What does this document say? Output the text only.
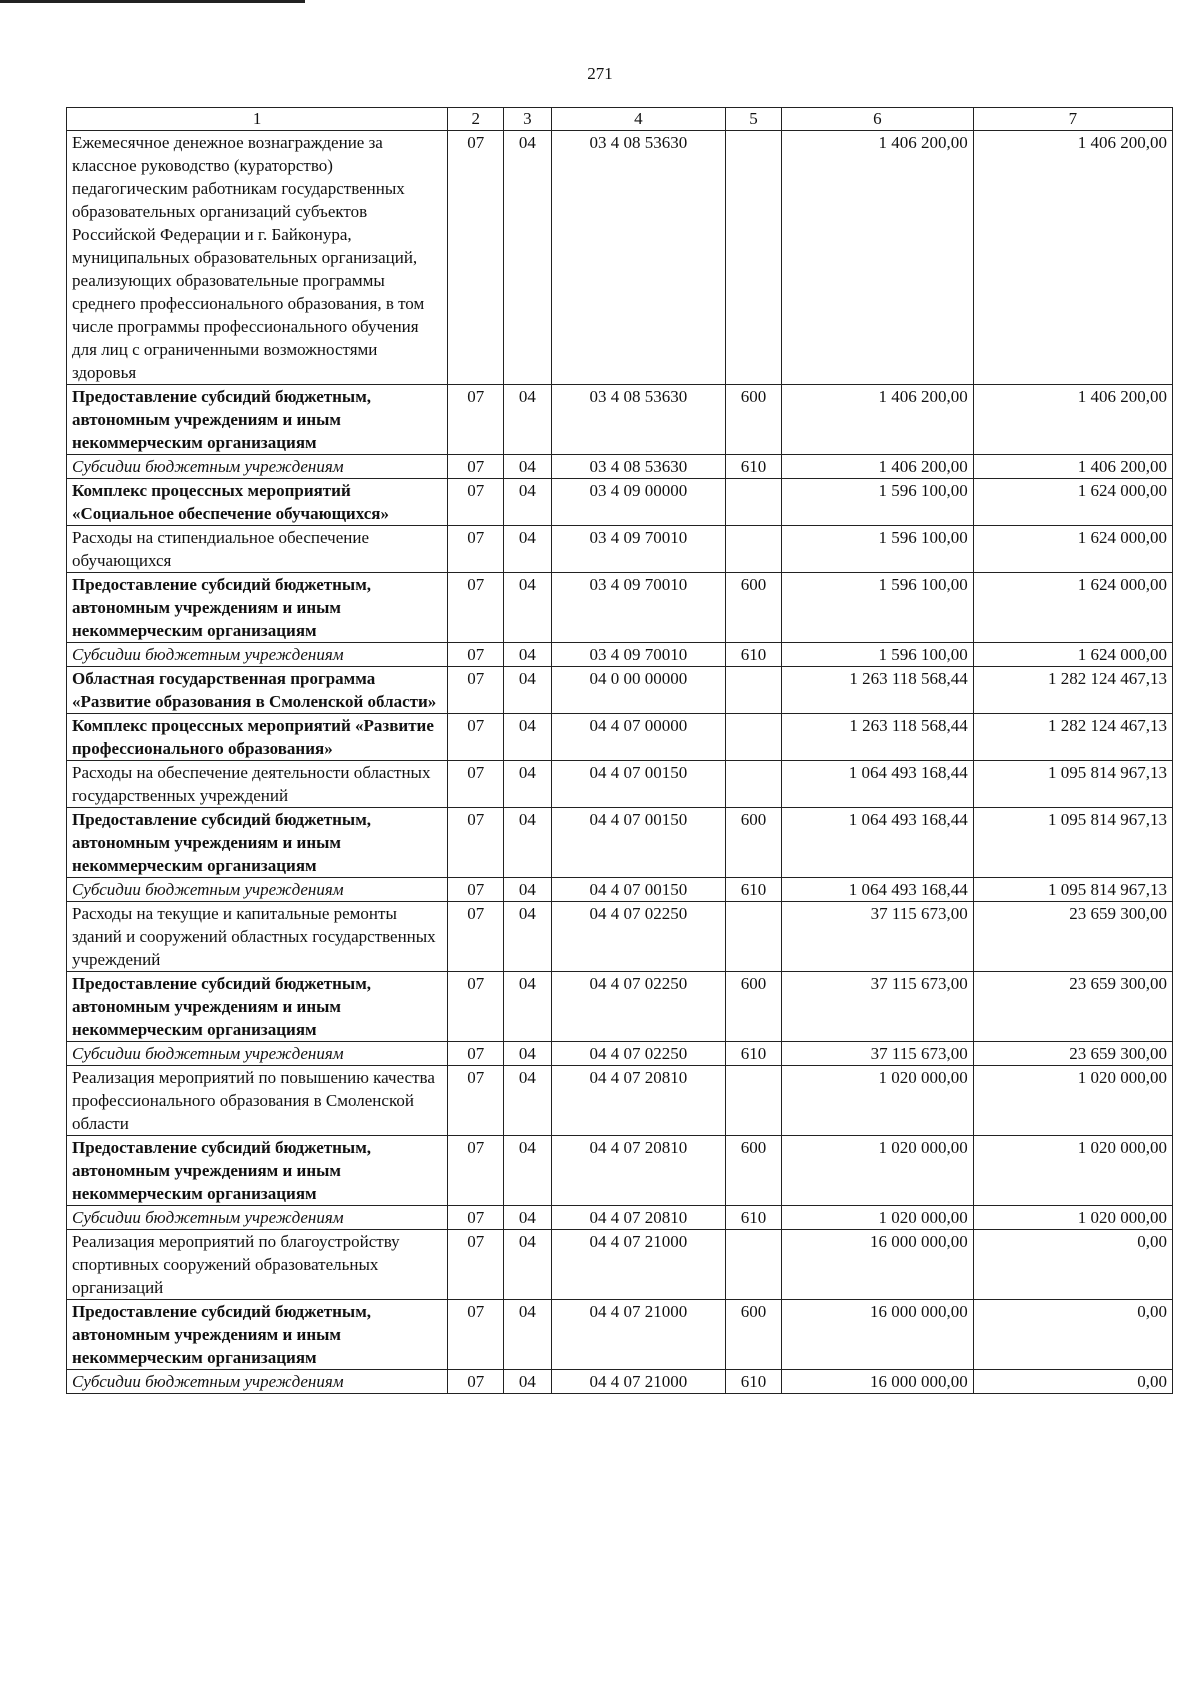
271
1	2	3	4	5	6	7
Ежемесячное денежное вознаграждение за классное руководство (кураторство) педагогическим работникам государственных образовательных организаций субъектов Российской Федерации и г. Байконура, муниципальных образовательных организаций, реализующих образовательные программы среднего профессионального образования, в том числе программы профессионального обучения для лиц с ограниченными возможностями здоровья	07	04	03 4 08 53630		1 406 200,00	1 406 200,00
Предоставление субсидий бюджетным, автономным учреждениям и иным некоммерческим организациям	07	04	03 4 08 53630	600	1 406 200,00	1 406 200,00
Субсидии бюджетным учреждениям	07	04	03 4 08 53630	610	1 406 200,00	1 406 200,00
Комплекс процессных мероприятий «Социальное обеспечение обучающихся»	07	04	03 4 09 00000		1 596 100,00	1 624 000,00
Расходы на стипендиальное обеспечение обучающихся	07	04	03 4 09 70010		1 596 100,00	1 624 000,00
Предоставление субсидий бюджетным, автономным учреждениям и иным некоммерческим организациям	07	04	03 4 09 70010	600	1 596 100,00	1 624 000,00
Субсидии бюджетным учреждениям	07	04	03 4 09 70010	610	1 596 100,00	1 624 000,00
Областная государственная программа «Развитие образования в Смоленской области»	07	04	04 0 00 00000		1 263 118 568,44	1 282 124 467,13
Комплекс процессных мероприятий «Развитие профессионального образования»	07	04	04 4 07 00000		1 263 118 568,44	1 282 124 467,13
Расходы на обеспечение деятельности областных государственных учреждений	07	04	04 4 07 00150		1 064 493 168,44	1 095 814 967,13
Предоставление субсидий бюджетным, автономным учреждениям и иным некоммерческим организациям	07	04	04 4 07 00150	600	1 064 493 168,44	1 095 814 967,13
Субсидии бюджетным учреждениям	07	04	04 4 07 00150	610	1 064 493 168,44	1 095 814 967,13
Расходы на текущие и капитальные ремонты зданий и сооружений областных государственных учреждений	07	04	04 4 07 02250		37 115 673,00	23 659 300,00
Предоставление субсидий бюджетным, автономным учреждениям и иным некоммерческим организациям	07	04	04 4 07 02250	600	37 115 673,00	23 659 300,00
Субсидии бюджетным учреждениям	07	04	04 4 07 02250	610	37 115 673,00	23 659 300,00
Реализация мероприятий по повышению качества профессионального образования в Смоленской области	07	04	04 4 07 20810		1 020 000,00	1 020 000,00
Предоставление субсидий бюджетным, автономным учреждениям и иным некоммерческим организациям	07	04	04 4 07 20810	600	1 020 000,00	1 020 000,00
Субсидии бюджетным учреждениям	07	04	04 4 07 20810	610	1 020 000,00	1 020 000,00
Реализация мероприятий по благоустройству спортивных сооружений образовательных организаций	07	04	04 4 07 21000		16 000 000,00	0,00
Предоставление субсидий бюджетным, автономным учреждениям и иным некоммерческим организациям	07	04	04 4 07 21000	600	16 000 000,00	0,00
Субсидии бюджетным учреждениям	07	04	04 4 07 21000	610	16 000 000,00	0,00
